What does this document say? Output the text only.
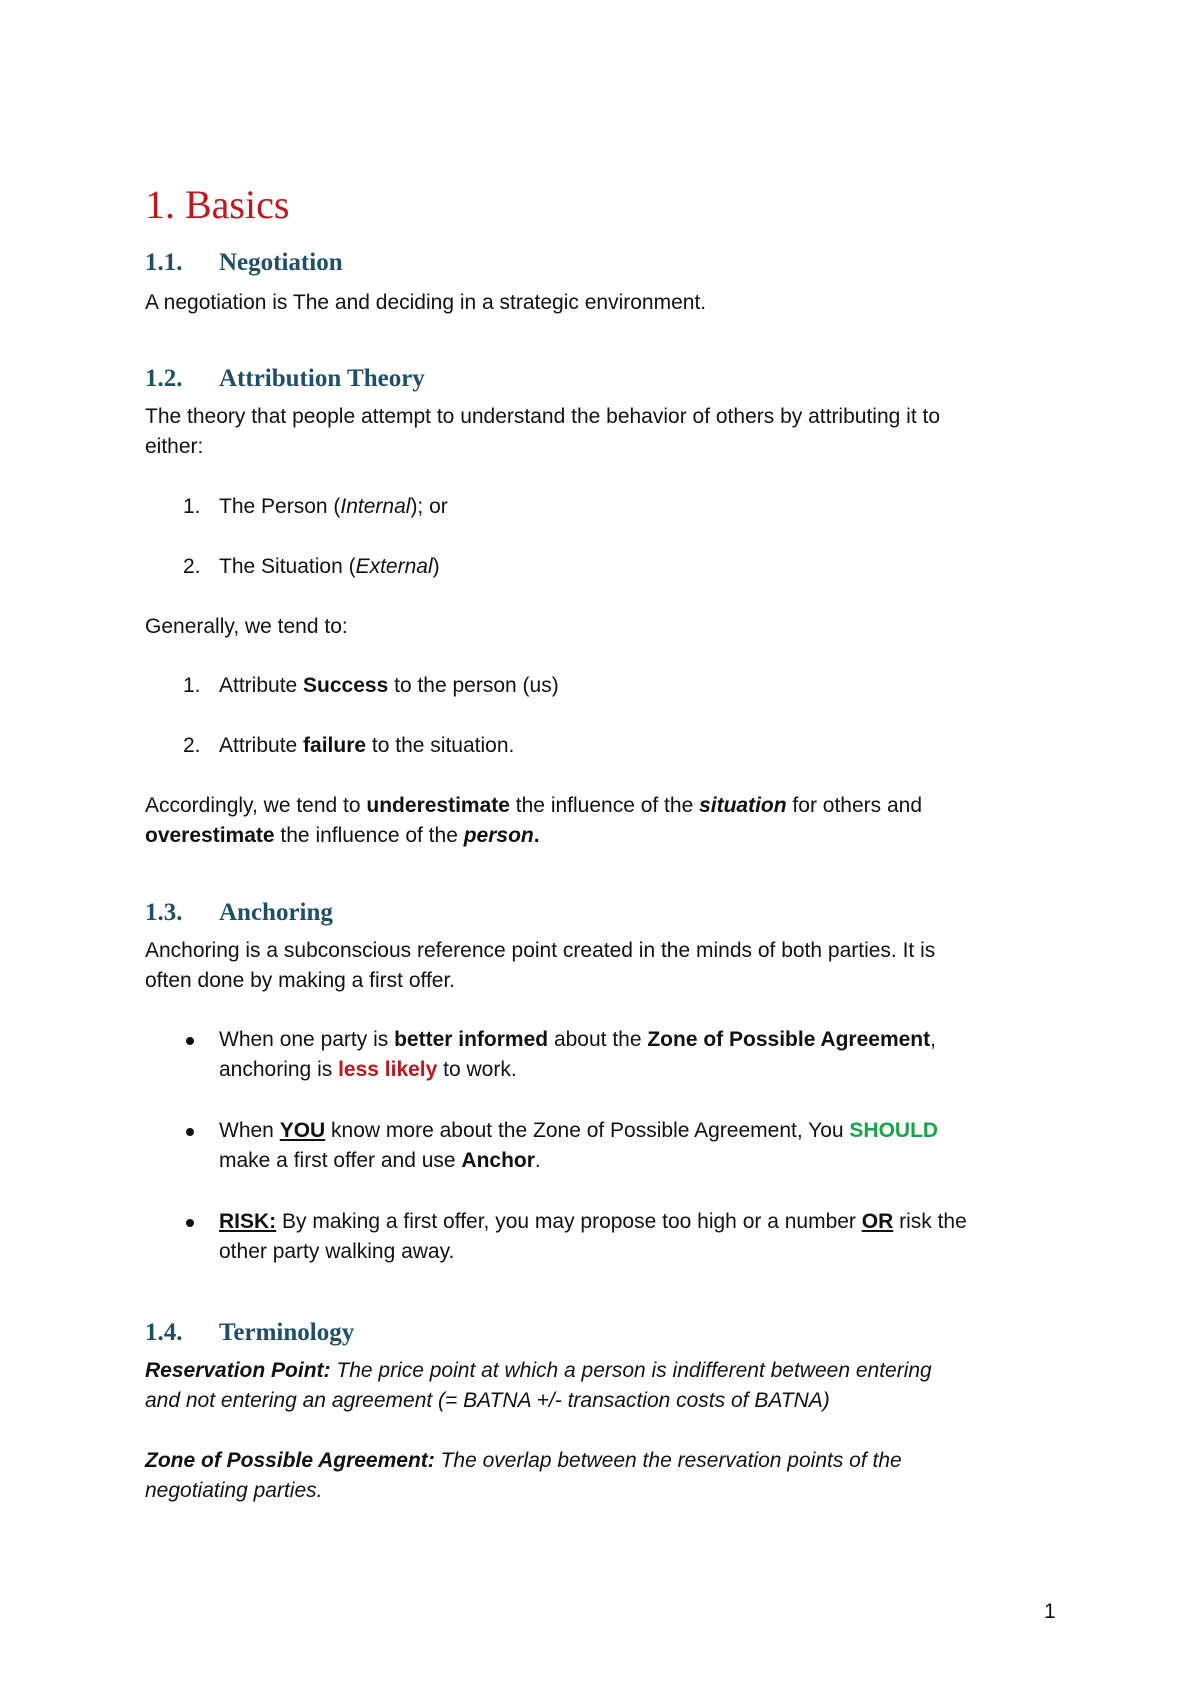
1. Basics
1.1. Negotiation
A negotiation is The and deciding in a strategic environment.
1.2. Attribution Theory
The theory that people attempt to understand the behavior of others by attributing it to
either:
1. The Person (Internal); or
2. The Situation (External)
Generally, we tend to:
1. Attribute Success to the person (us)
2. Attribute failure to the situation.
Accordingly, we tend to underestimate the influence of the situation for others and
overestimate the influence of the person.
1.3. Anchoring
Anchoring is a subconscious reference point created in the minds of both parties. It is
often done by making a first offer.
When one party is better informed about the Zone of Possible Agreement,
anchoring is less likely to work.
When YOU know more about the Zone of Possible Agreement, You SHOULD
make a first offer and use Anchor.
RISK: By making a first offer, you may propose too high or a number OR risk the
other party walking away.
1.4. Terminology
Reservation Point: The price point at which a person is indifferent between entering
and not entering an agreement (= BATNA +/- transaction costs of BATNA)
Zone of Possible Agreement: The overlap between the reservation points of the
negotiating parties.
1
